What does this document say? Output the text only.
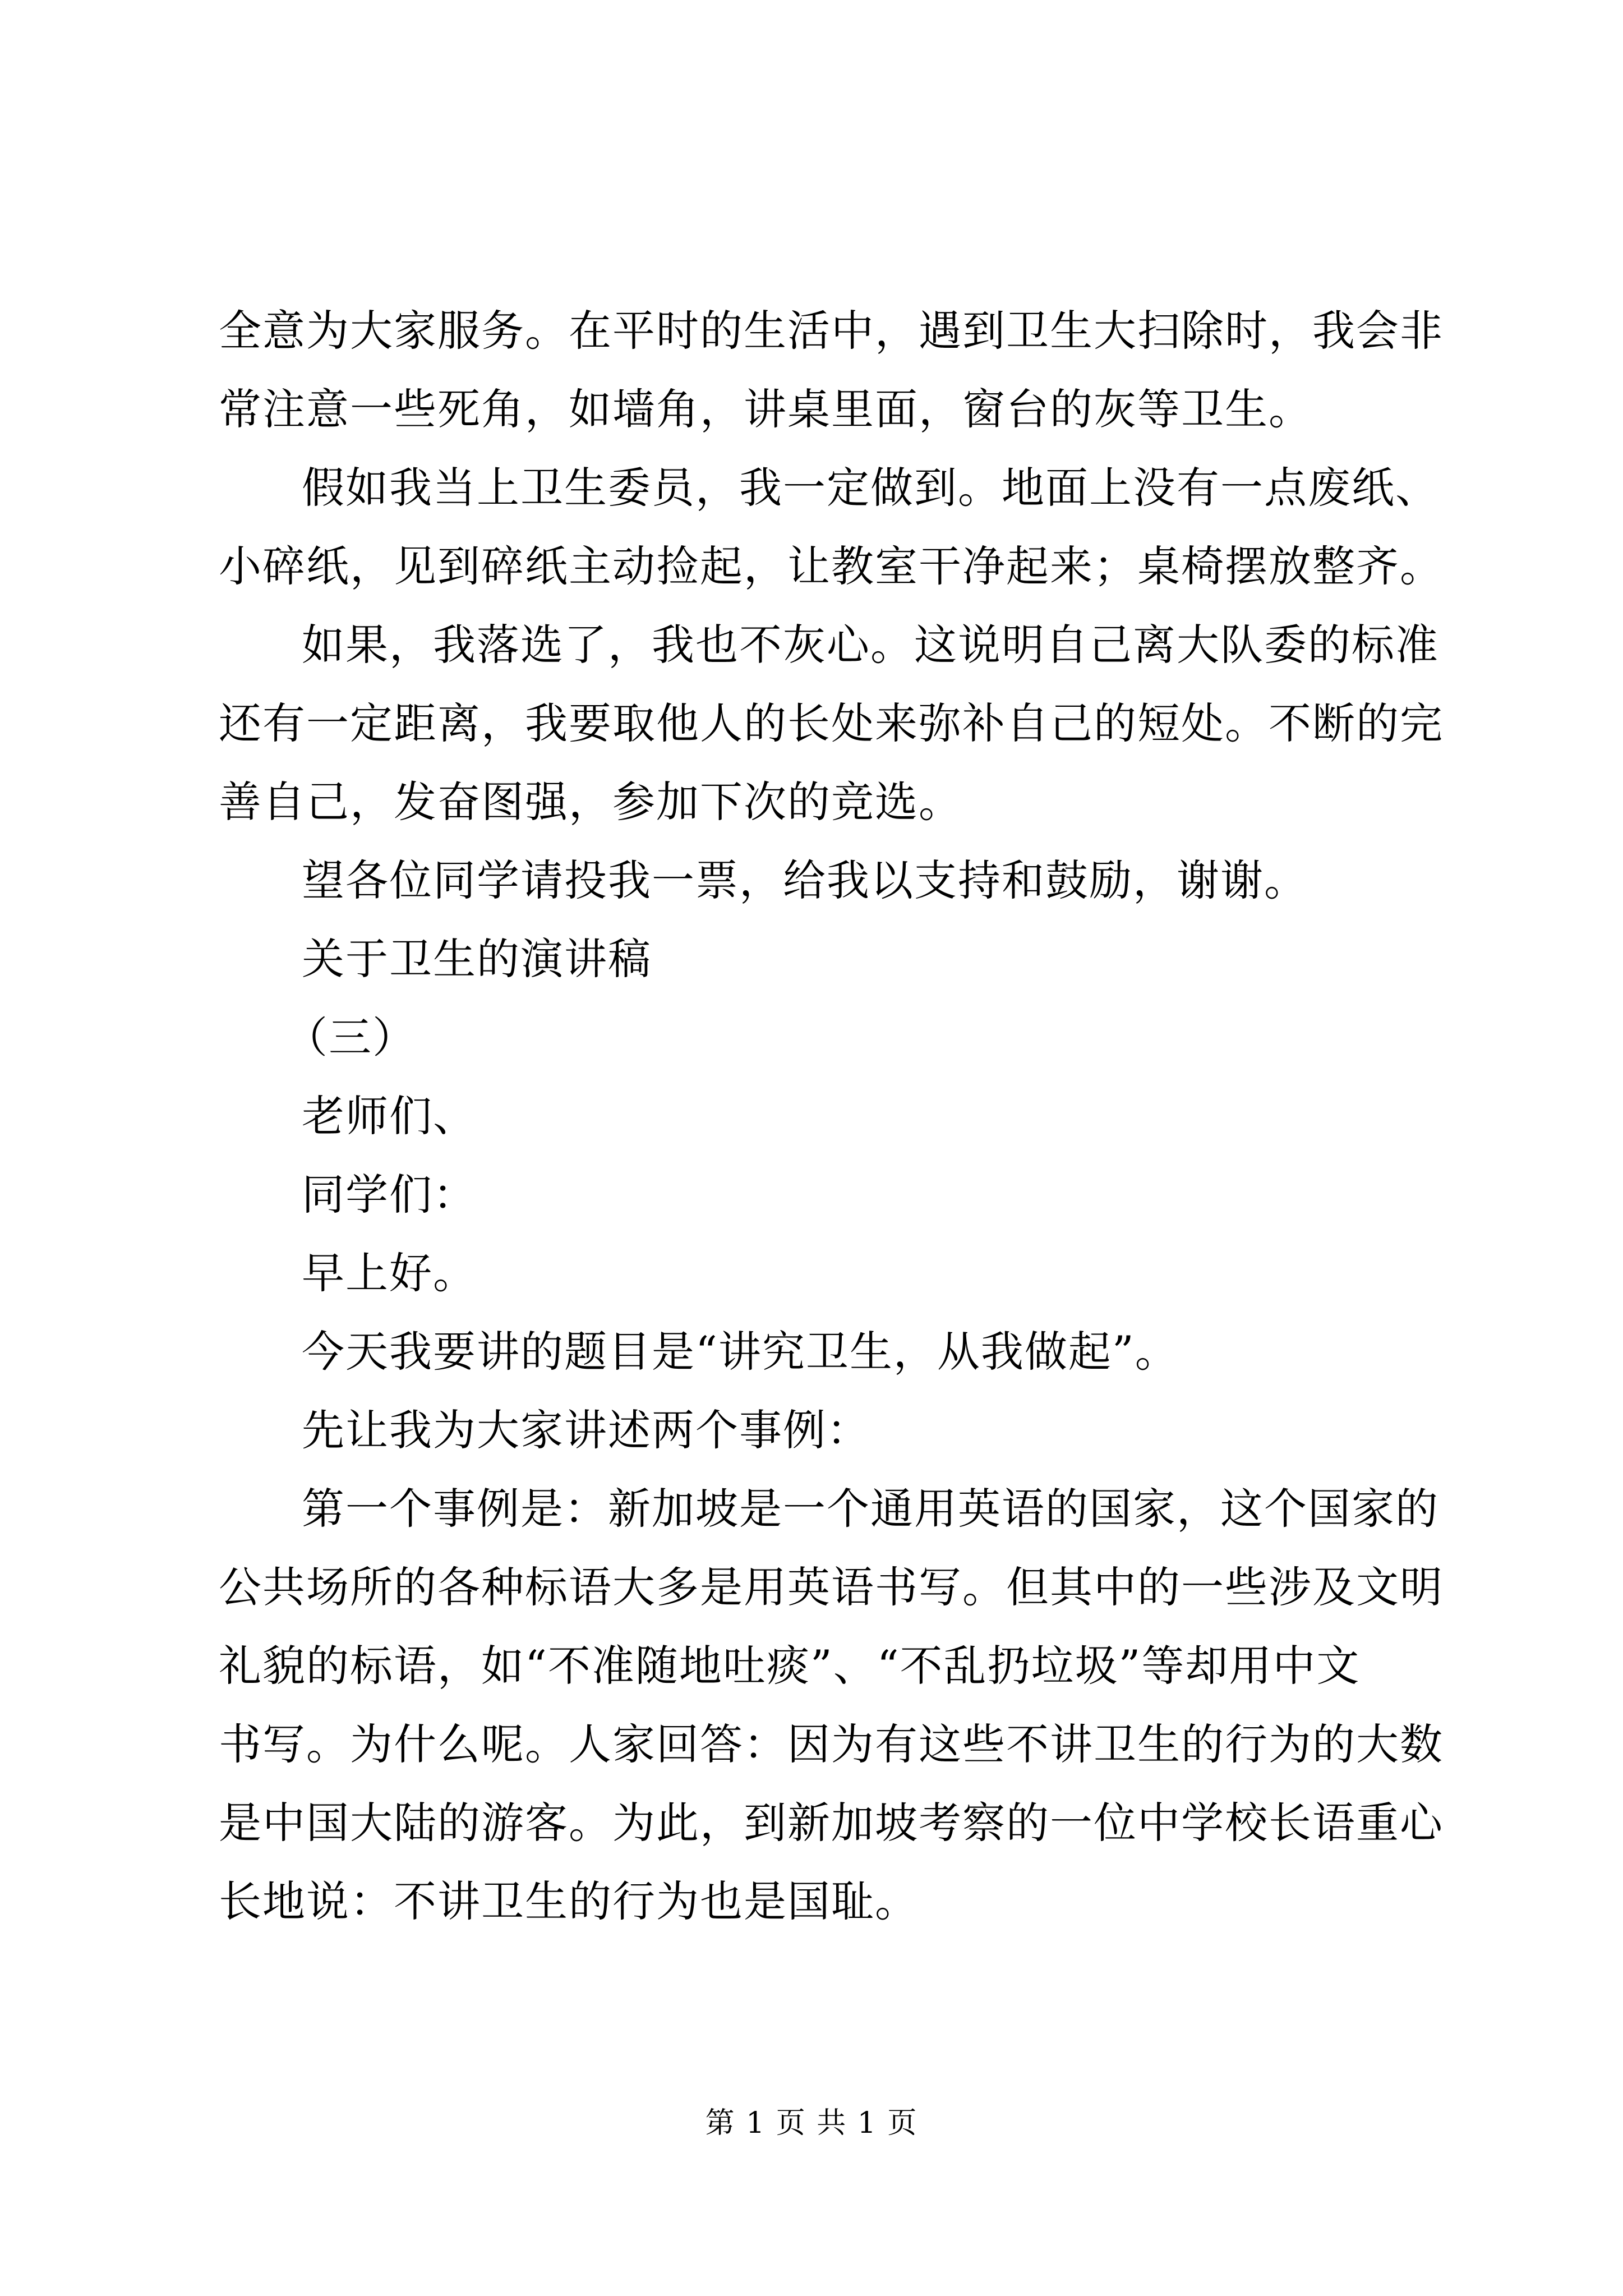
全意为大家服务。在平时的生活中，遇到卫生大扫除时，我会非
常注意一些死角，如墙角，讲桌里面，窗台的灰等卫生。
假如我当上卫生委员，我一定做到。地面上没有一点废纸、
小碎纸，见到碎纸主动捡起，让教室干净起来；桌椅摆放整齐。
如果，我落选了，我也不灰心。这说明自己离大队委的标准
还有一定距离，我要取他人的长处来弥补自己的短处。不断的完
善自己，发奋图强，参加下次的竞选。
望各位同学请投我一票，给我以支持和鼓励，谢谢。
关于卫生的演讲稿
（三）
老师们、
同学们：
早上好。
今天我要讲的题目是“讲究卫生，从我做起”。
先让我为大家讲述两个事例：
第一个事例是：新加坡是一个通用英语的国家，这个国家的
公共场所的各种标语大多是用英语书写。但其中的一些涉及文明
礼貌的标语，如“不准随地吐痰”、“不乱扔垃圾”等却用中文
书写。为什么呢。人家回答：因为有这些不讲卫生的行为的大数
是中国大陆的游客。为此，到新加坡考察的一位中学校长语重心
长地说：不讲卫生的行为也是国耻。
第 1 页 共 1 页
